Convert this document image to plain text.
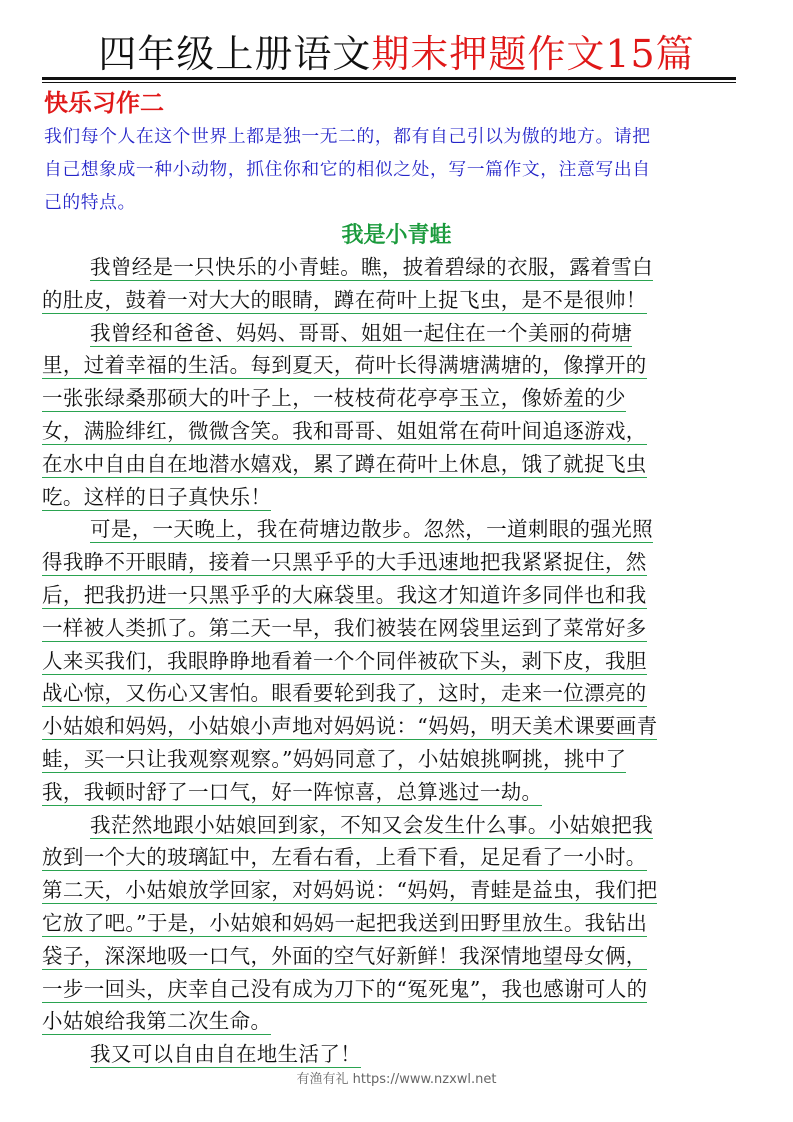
四年级上册语文期末押题作文15篇
快乐习作二
我们每个人在这个世界上都是独一无二的，都有自己引以为傲的地方。请把
自己想象成一种小动物，抓住你和它的相似之处，写一篇作文，注意写出自
己的特点。
我是小青蛙

我曾经是一只快乐的小青蛙。瞧，披着碧绿的衣服，露着雪白
的肚皮，鼓着一对大大的眼睛，蹲在荷叶上捉飞虫，是不是很帅！

我曾经和爸爸、妈妈、哥哥、姐姐一起住在一个美丽的荷塘
里，过着幸福的生活。每到夏天，荷叶长得满塘满塘的，像撑开的
一张张绿桑那硕大的叶子上，一枝枝荷花亭亭玉立，像娇羞的少
女，满脸绯红，微微含笑。我和哥哥、姐姐常在荷叶间追逐游戏，
在水中自由自在地潜水嬉戏，累了蹲在荷叶上休息，饿了就捉飞虫
吃。这样的日子真快乐！

可是，一天晚上，我在荷塘边散步。忽然，一道刺眼的强光照
得我睁不开眼睛，接着一只黑乎乎的大手迅速地把我紧紧捉住，然
后，把我扔进一只黑乎乎的大麻袋里。我这才知道许多同伴也和我
一样被人类抓了。第二天一早，我们被装在网袋里运到了菜常好多
人来买我们，我眼睁睁地看着一个个同伴被砍下头，剥下皮，我胆
战心惊，又伤心又害怕。眼看要轮到我了，这时，走来一位漂亮的
小姑娘和妈妈，小姑娘小声地对妈妈说：“妈妈，明天美术课要画青
蛙，买一只让我观察观察。”妈妈同意了，小姑娘挑啊挑，挑中了
我，我顿时舒了一口气，好一阵惊喜，总算逃过一劫。

我茫然地跟小姑娘回到家，不知又会发生什么事。小姑娘把我
放到一个大的玻璃缸中，左看右看，上看下看，足足看了一小时。
第二天，小姑娘放学回家，对妈妈说：“妈妈，青蛙是益虫，我们把
它放了吧。”于是，小姑娘和妈妈一起把我送到田野里放生。我钻出
袋子，深深地吸一口气，外面的空气好新鲜！我深情地望母女俩，
一步一回头，庆幸自己没有成为刀下的“冤死鬼”，我也感谢可人的
小姑娘给我第二次生命。

我又可以自由自在地生活了！

有渔有礼 https://www.nzxwl.net
